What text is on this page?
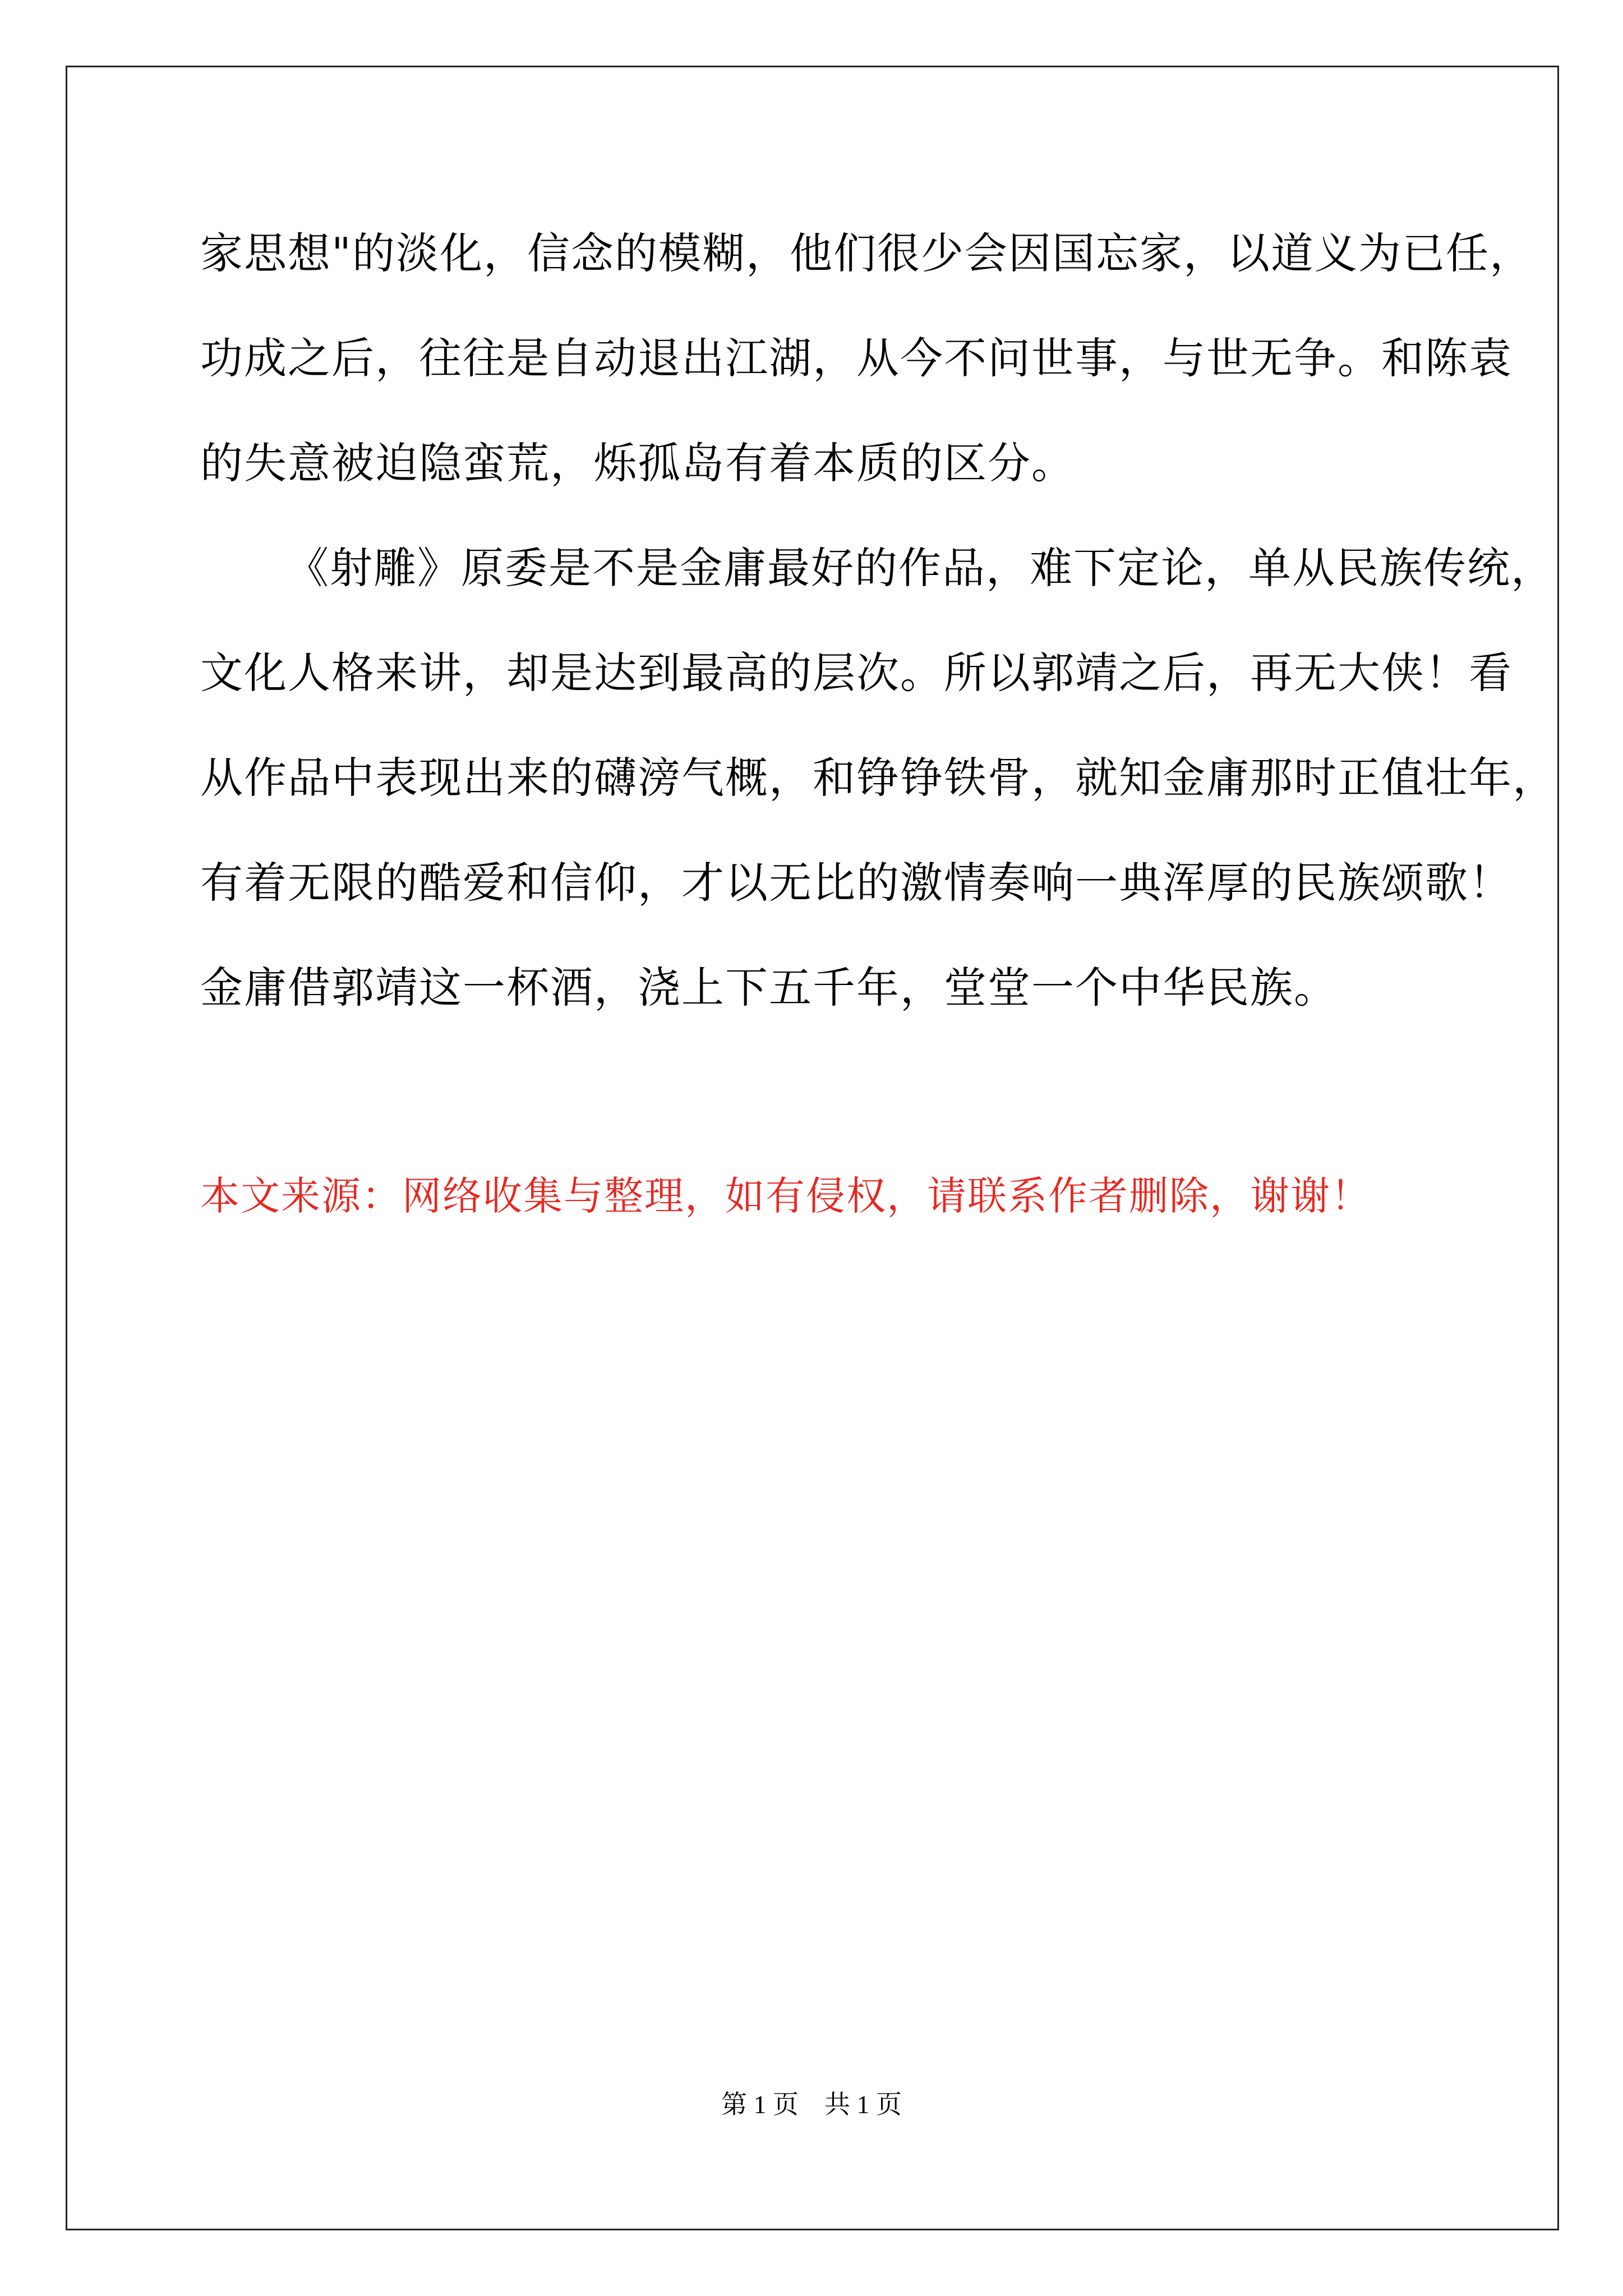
家思想"的淡化，信念的模糊，他们很少会因国忘家，以道义为已任，
功成之后，往往是自动退出江湖，从今不问世事，与世无争。和陈袁
的失意被迫隐蛮荒，烁孤岛有着本质的区分。
《射雕》原委是不是金庸最好的作品，难下定论，单从民族传统，
文化人格来讲，却是达到最高的层次。所以郭靖之后，再无大侠！看
从作品中表现出来的礴滂气概，和铮铮铁骨，就知金庸那时正值壮年，
有着无限的酷爱和信仰，才以无比的激情奏响一典浑厚的民族颂歌！
金庸借郭靖这一杯酒，浇上下五千年，堂堂一个中华民族。
本文来源：网络收集与整理，如有侵权，请联系作者删除，谢谢！
第 1 页    共 1 页
